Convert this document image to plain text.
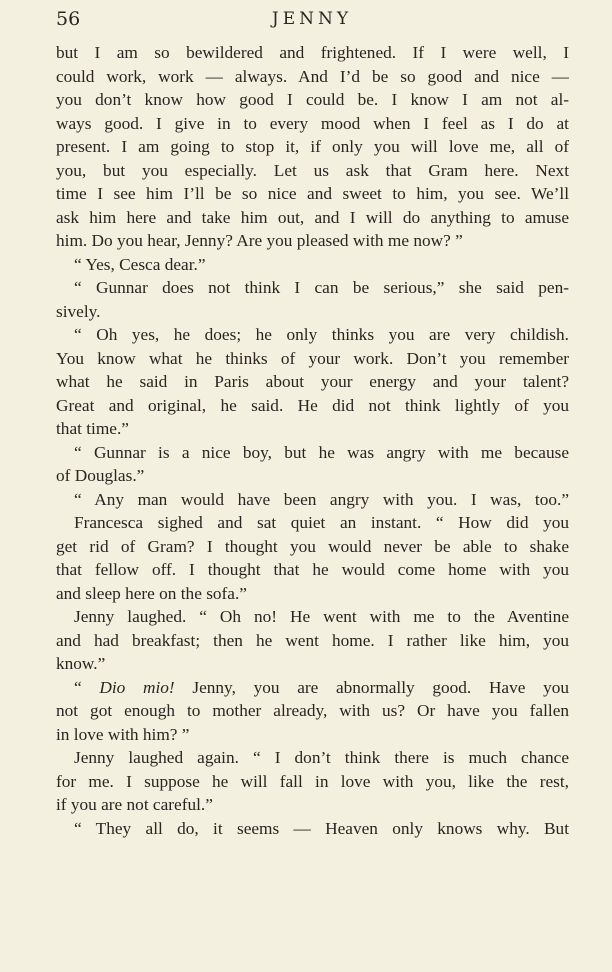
56	JENNY
but I am so bewildered and frightened. If I were well, I
could work, work — always. And I’d be so good and nice —
you don’t know how good I could be. I know I am not al-
ways good. I give in to every mood when I feel as I do at
present. I am going to stop it, if only you will love me, all of
you, but you especially. Let us ask that Gram here. Next
time I see him I’ll be so nice and sweet to him, you see. We’ll
ask him here and take him out, and I will do anything to amuse
him. Do you hear, Jenny? Are you pleased with me now? ”
“ Yes, Cesca dear.”
“ Gunnar does not think I can be serious,” she said pen-
sively.
“ Oh yes, he does; he only thinks you are very childish.
You know what he thinks of your work. Don’t you remember
what he said in Paris about your energy and your talent?
Great and original, he said. He did not think lightly of you
that time.”
“ Gunnar is a nice boy, but he was angry with me because
of Douglas.”
“ Any man would have been angry with you. I was, too.”
Francesca sighed and sat quiet an instant. “ How did you
get rid of Gram? I thought you would never be able to shake
that fellow off. I thought that he would come home with you
and sleep here on the sofa.”
Jenny laughed. “ Oh no! He went with me to the Aventine
and had breakfast; then he went home. I rather like him, you
know.”
“ Dio mio! Jenny, you are abnormally good. Have you
not got enough to mother already, with us? Or have you fallen
in love with him? ”
Jenny laughed again. “ I don’t think there is much chance
for me. I suppose he will fall in love with you, like the rest,
if you are not careful.”
“ They all do, it seems — Heaven only knows why. But
